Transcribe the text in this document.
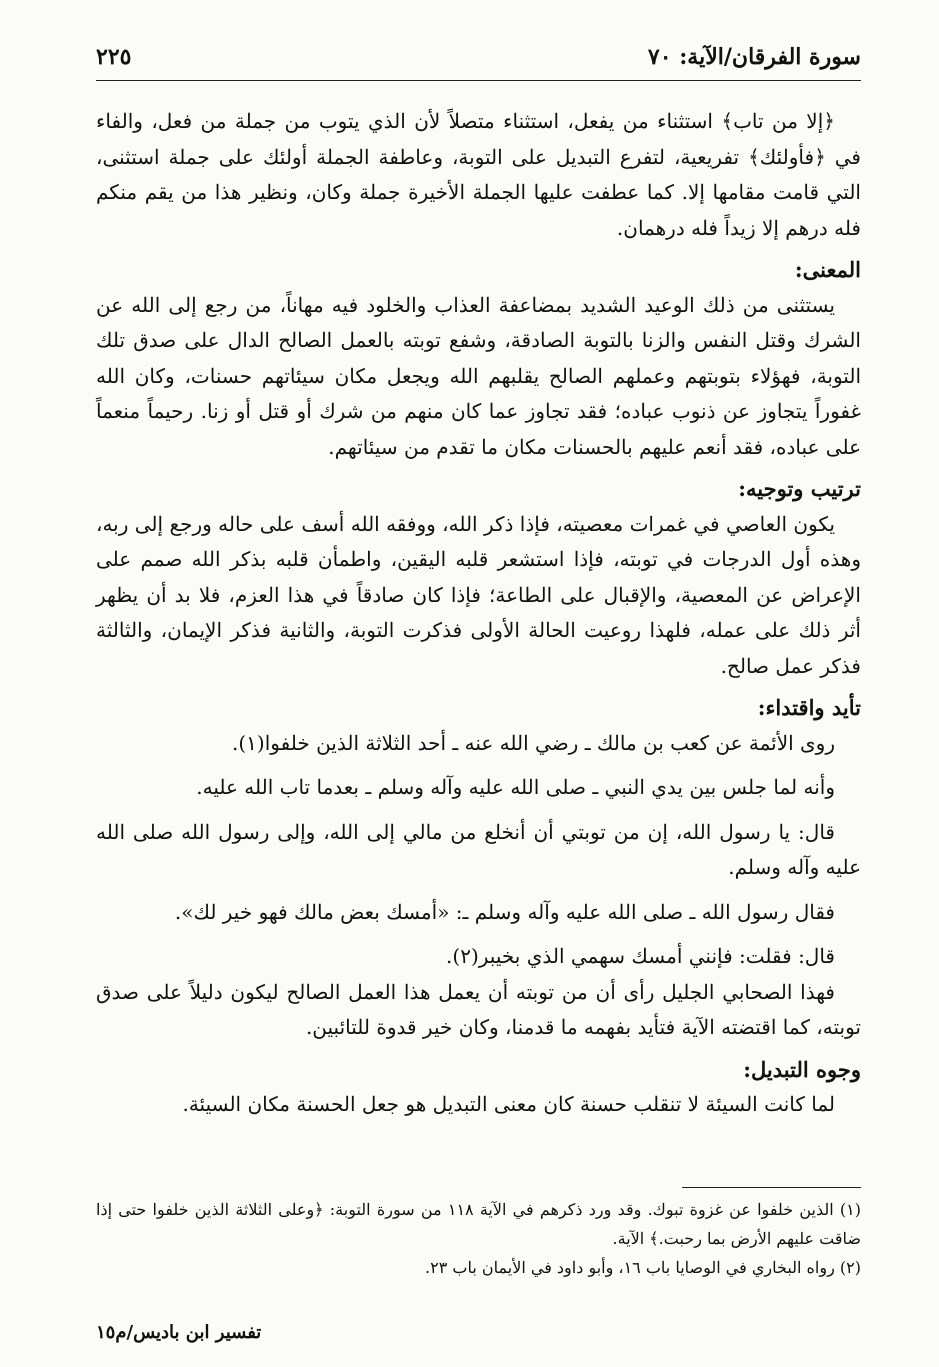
سورة الفرقان/الآية: ٧٠
٢٢٥

﴿إلا من تاب﴾ استثناء من يفعل، استثناء متصلاً لأن الذي يتوب من جملة من فعل، والفاء في ﴿فأولئك﴾ تفريعية، لتفرع التبديل على التوبة، وعاطفة الجملة أولئك على جملة استثنى، التي قامت مقامها إلا. كما عطفت عليها الجملة الأخيرة جملة وكان، ونظير هذا من يقم منكم فله درهم إلا زيداً فله درهمان.

المعنى:

يستثنى من ذلك الوعيد الشديد بمضاعفة العذاب والخلود فيه مهاناً، من رجع إلى الله عن الشرك وقتل النفس والزنا بالتوبة الصادقة، وشفع توبته بالعمل الصالح الدال على صدق تلك التوبة، فهؤلاء بتوبتهم وعملهم الصالح يقلبهم الله ويجعل مكان سيئاتهم حسنات، وكان الله غفوراً يتجاوز عن ذنوب عباده؛ فقد تجاوز عما كان منهم من شرك أو قتل أو زنا. رحيماً منعماً على عباده، فقد أنعم عليهم بالحسنات مكان ما تقدم من سيئاتهم.

ترتيب وتوجيه:

يكون العاصي في غمرات معصيته، فإذا ذكر الله، ووفقه الله أسف على حاله ورجع إلى ربه، وهذه أول الدرجات في توبته، فإذا استشعر قلبه اليقين، واطمأن قلبه بذكر الله صمم على الإعراض عن المعصية، والإقبال على الطاعة؛ فإذا كان صادقاً في هذا العزم، فلا بد أن يظهر أثر ذلك على عمله، فلهذا روعيت الحالة الأولى فذكرت التوبة، والثانية فذكر الإيمان، والثالثة فذكر عمل صالح.

تأيد واقتداء:

روى الأئمة عن كعب بن مالك ـ رضي الله عنه ـ أحد الثلاثة الذين خلفوا(١).

وأنه لما جلس بين يدي النبي ـ صلى الله عليه وآله وسلم ـ بعدما تاب الله عليه.

قال: يا رسول الله، إن من توبتي أن أنخلع من مالي إلى الله، وإلى رسول الله صلى الله عليه وآله وسلم.

فقال رسول الله ـ صلى الله عليه وآله وسلم ـ: «أمسك بعض مالك فهو خير لك».

قال: فقلت: فإنني أمسك سهمي الذي بخيبر(٢).

فهذا الصحابي الجليل رأى أن من توبته أن يعمل هذا العمل الصالح ليكون دليلاً على صدق توبته، كما اقتضته الآية فتأيد بفهمه ما قدمنا، وكان خير قدوة للتائبين.

وجوه التبديل:

لما كانت السيئة لا تنقلب حسنة كان معنى التبديل هو جعل الحسنة مكان السيئة.

(١) الذين خلفوا عن غزوة تبوك. وقد ورد ذكرهم في الآية ١١٨ من سورة التوبة: ﴿وعلى الثلاثة الذين خلفوا حتى إذا ضاقت عليهم الأرض بما رحبت.﴾ الآية.

(٢) رواه البخاري في الوصايا باب ١٦، وأبو داود في الأيمان باب ٢٣.

تفسير ابن باديس/م١٥
